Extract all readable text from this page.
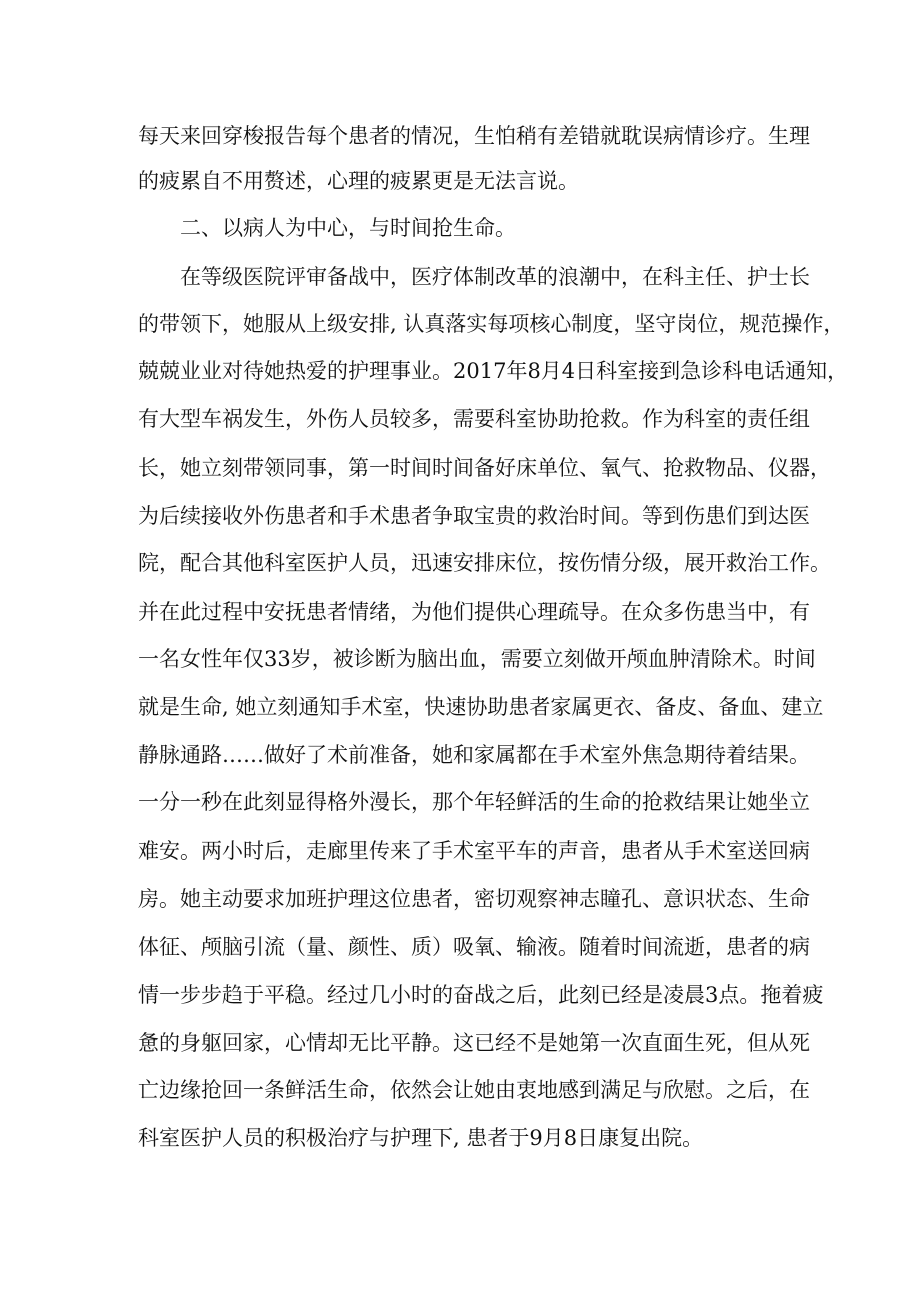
每天来回穿梭报告每个患者的情况，生怕稍有差错就耽误病情诊疗。生理

的疲累自不用赘述，心理的疲累更是无法言说。

二、以病人为中心，与时间抢生命。

在等级医院评审备战中，医疗体制改革的浪潮中，在科主任、护士长

的带领下，她服从上级安排, 认真落实每项核心制度，坚守岗位，规范操作，

兢兢业业对待她热爱的护理事业。2017年8月4日科室接到急诊科电话通知，

有大型车祸发生，外伤人员较多，需要科室协助抢救。作为科室的责任组

长，她立刻带领同事，第一时间时间备好床单位、氧气、抢救物品、仪器，

为后续接收外伤患者和手术患者争取宝贵的救治时间。等到伤患们到达医

院，配合其他科室医护人员，迅速安排床位，按伤情分级，展开救治工作。

并在此过程中安抚患者情绪，为他们提供心理疏导。在众多伤患当中，有

一名女性年仅33岁，被诊断为脑出血，需要立刻做开颅血肿清除术。时间

就是生命, 她立刻通知手术室，快速协助患者家属更衣、备皮、备血、建立

静脉通路……做好了术前准备，她和家属都在手术室外焦急期待着结果。

一分一秒在此刻显得格外漫长，那个年轻鲜活的生命的抢救结果让她坐立

难安。两小时后，走廊里传来了手术室平车的声音，患者从手术室送回病

房。她主动要求加班护理这位患者，密切观察神志瞳孔、意识状态、生命

体征、颅脑引流（量、颜性、质）吸氧、输液。随着时间流逝，患者的病

情一步步趋于平稳。经过几小时的奋战之后，此刻已经是凌晨3点。拖着疲

惫的身躯回家，心情却无比平静。这已经不是她第一次直面生死，但从死

亡边缘抢回一条鲜活生命，依然会让她由衷地感到满足与欣慰。之后，在

科室医护人员的积极治疗与护理下, 患者于9月8日康复出院。
